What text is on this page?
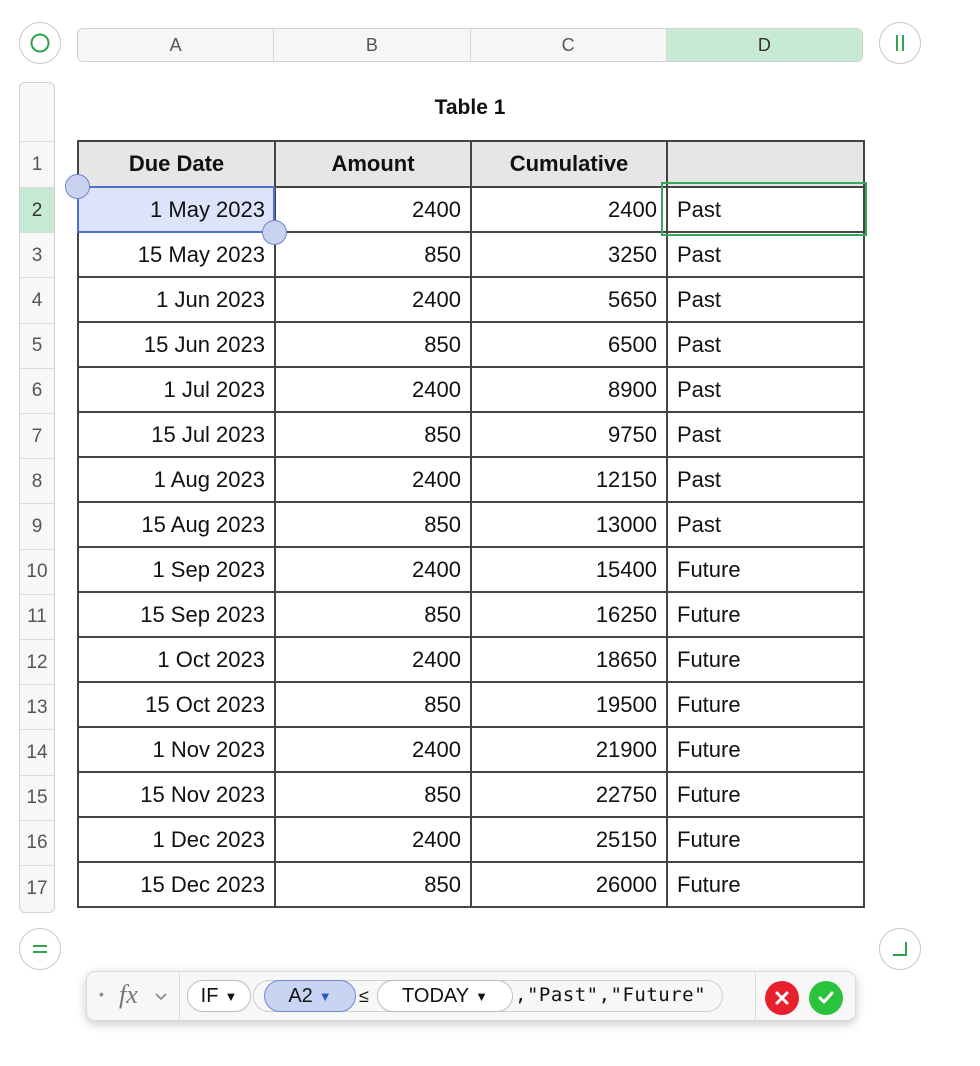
A	B	C	D
1
2
3
4
5
6
7
8
9
10
11
12
13
14
15
16
17
Table 1
Due Date	Amount	Cumulative	
1 May 2023	2400	2400	Past
15 May 2023	850	3250	Past
1 Jun 2023	2400	5650	Past
15 Jun 2023	850	6500	Past
1 Jul 2023	2400	8900	Past
15 Jul 2023	850	9750	Past
1 Aug 2023	2400	12150	Past
15 Aug 2023	850	13000	Past
1 Sep 2023	2400	15400	Future
15 Sep 2023	850	16250	Future
1 Oct 2023	2400	18650	Future
15 Oct 2023	850	19500	Future
1 Nov 2023	2400	21900	Future
15 Nov 2023	850	22750	Future
1 Dec 2023	2400	25150	Future
15 Dec 2023	850	26000	Future
• fx	IF ▼	A2 ▼ ≤ TODAY ▼ ,"Past","Future"
